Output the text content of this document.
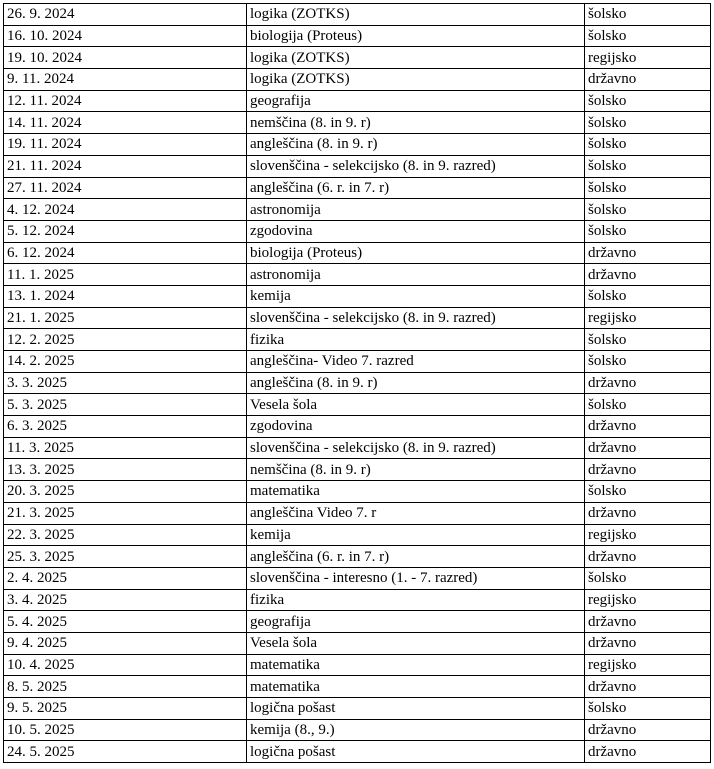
26. 9. 2024	logika (ZOTKS)	šolsko
16. 10. 2024	biologija (Proteus)	šolsko
19. 10. 2024	logika (ZOTKS)	regijsko
9. 11. 2024	logika (ZOTKS)	državno
12. 11. 2024	geografija	šolsko
14. 11. 2024	nemščina (8. in 9. r)	šolsko
19. 11. 2024	angleščina (8. in 9. r)	šolsko
21. 11. 2024	slovenščina - selekcijsko (8. in 9. razred)	šolsko
27. 11. 2024	angleščina (6. r. in 7. r)	šolsko
4. 12. 2024	astronomija	šolsko
5. 12. 2024	zgodovina	šolsko
6. 12. 2024	biologija (Proteus)	državno
11. 1. 2025	astronomija	državno
13. 1. 2024	kemija	šolsko
21. 1. 2025	slovenščina - selekcijsko (8. in 9. razred)	regijsko
12. 2. 2025	fizika	šolsko
14. 2. 2025	angleščina- Video 7. razred	šolsko
3. 3. 2025	angleščina (8. in 9. r)	državno
5. 3. 2025	Vesela šola	šolsko
6. 3. 2025	zgodovina	državno
11. 3. 2025	slovenščina - selekcijsko (8. in 9. razred)	državno
13. 3. 2025	nemščina (8. in 9. r)	državno
20. 3. 2025	matematika	šolsko
21. 3. 2025	angleščina Video 7. r	državno
22. 3. 2025	kemija	regijsko
25. 3. 2025	angleščina (6. r. in 7. r)	državno
2. 4. 2025	slovenščina - interesno (1. - 7. razred)	šolsko
3. 4. 2025	fizika	regijsko
5. 4. 2025	geografija	državno
9. 4. 2025	Vesela šola	državno
10. 4. 2025	matematika	regijsko
8. 5. 2025	matematika	državno
9. 5. 2025	logična pošast	šolsko
10. 5. 2025	kemija (8., 9.)	državno
24. 5. 2025	logična pošast	državno
